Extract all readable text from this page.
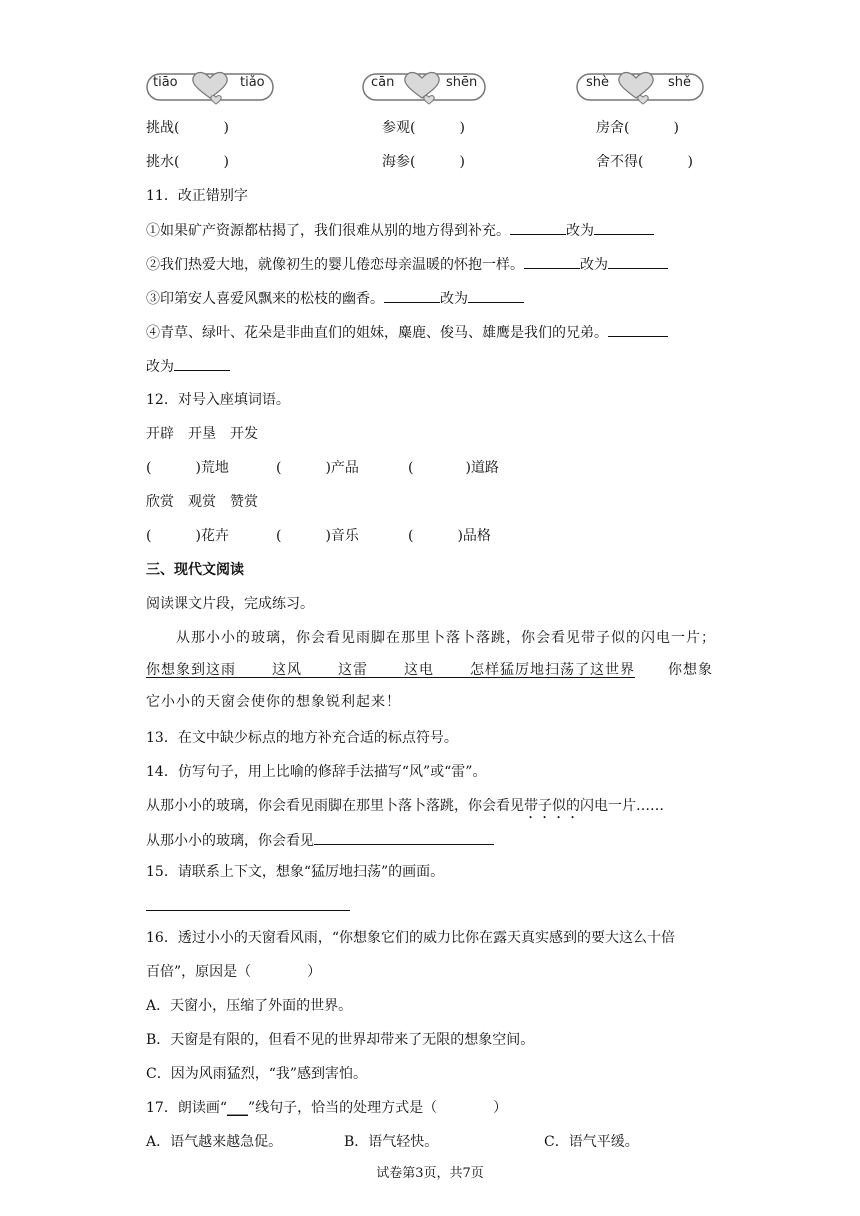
tiāo	tiǎo	cān	shēn	shè	shě
挑战(	)	参观(	)	房舍(	)
挑水(	)	海参(	)	舍不得(	)
11．改正错别字
①如果矿产资源都枯揭了，我们很难从别的地方得到补充。	改为
②我们热爱大地，就像初生的婴儿倦恋母亲温暖的怀抱一样。	改为
③印第安人喜爱风飘来的松枝的幽香。	改为
④青草、绿叶、花朵是非曲直们的姐妹，麋鹿、俊马、雄鹰是我们的兄弟。
改为
12．对号入座填词语。
开辟　开垦　开发
(	)荒地	(	)产品	(	)道路
欣赏　观赏　赞赏
(	)花卉	(	)音乐	(	)品格
三、现代文阅读
阅读课文片段，完成练习。
从那小小的玻璃，你会看见雨脚在那里卜落卜落跳，你会看见带子似的闪电一片；
你想象到这雨	这风	这雷	这电	怎样猛厉地扫荡了这世界 你想象
它小小的天窗会使你的想象锐利起来！
13．在文中缺少标点的地方补充合适的标点符号。
14．仿写句子，用上比喻的修辞手法描写“风”或“雷”。
从那小小的玻璃，你会看见雨脚在那里卜落卜落跳，你会看见带子似的闪电一片……
从那小小的玻璃，你会看见
15．请联系上下文，想象“猛厉地扫荡”的画面。
16．透过小小的天窗看风雨，“你想象它们的威力比你在露天真实感到的要大这么十倍
百倍”，原因是（　　　　）
A．天窗小，压缩了外面的世界。
B．天窗是有限的，但看不见的世界却带来了无限的想象空间。
C．因为风雨猛烈，“我”感到害怕。
17．朗读画“___”线句子，恰当的处理方式是（　　　　）
A．语气越来越急促。	B．语气轻快。	C．语气平缓。
试卷第3页，共7页
